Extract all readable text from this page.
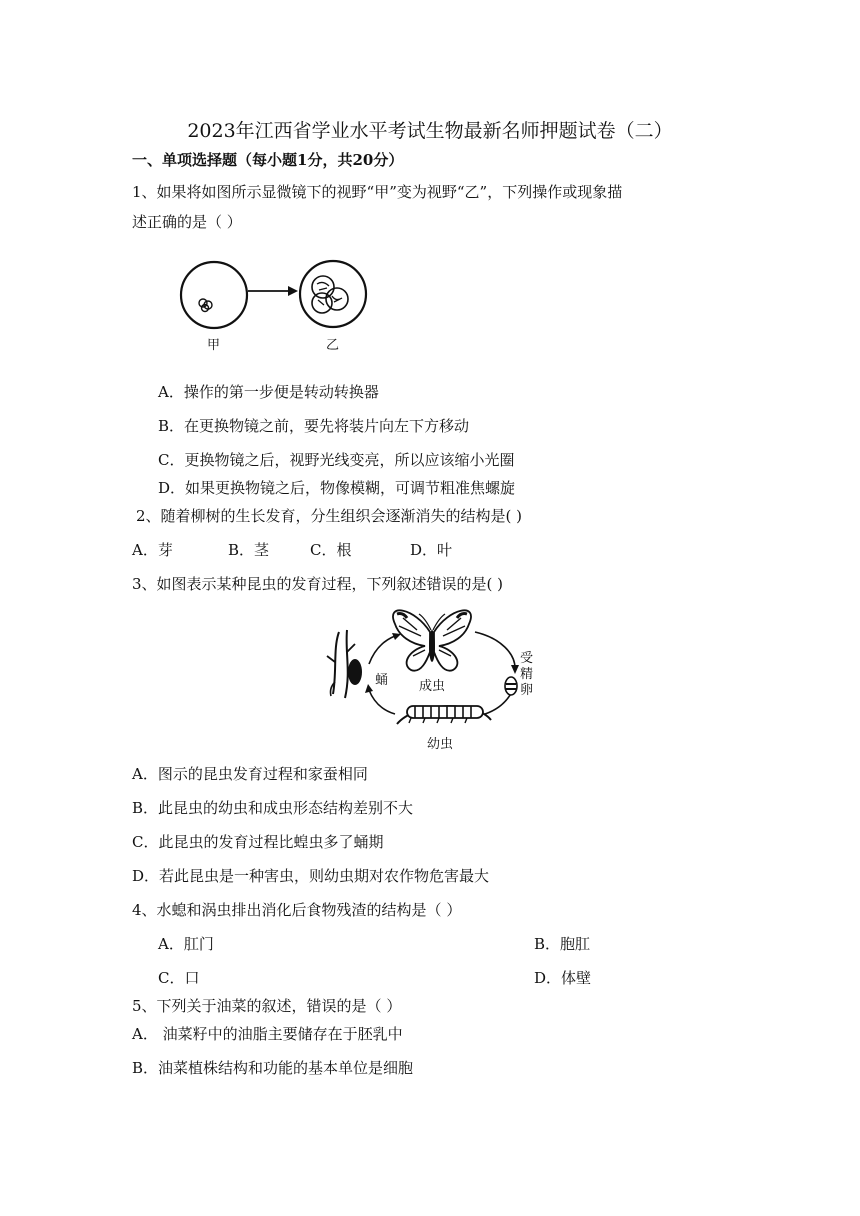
2023年江西省学业水平考试生物最新名师押题试卷（二）
一、单项选择题（每小题1分，共20分）
1、如果将如图所示显微镜下的视野“甲”变为视野“乙”，下列操作或现象描
述正确的是（ ）
甲	乙
A．操作的第一步便是转动转换器
B．在更换物镜之前，要先将装片向左下方移动
C．更换物镜之后，视野光线变亮，所以应该缩小光圈
D．如果更换物镜之后，物像模糊，可调节粗准焦螺旋
2、随着柳树的生长发育，分生组织会逐渐消失的结构是( )
A．芽	B．茎	C．根	D．叶
3、如图表示某种昆虫的发育过程，下列叙述错误的是( )
蛹 成虫
幼虫
受
精
卵
A．图示的昆虫发育过程和家蚕相同
B．此昆虫的幼虫和成虫形态结构差别不大
C．此昆虫的发育过程比蝗虫多了蛹期
D．若此昆虫是一种害虫，则幼虫期对农作物危害最大
4、水螅和涡虫排出消化后食物残渣的结构是（ ）
A．肛门	B．胞肛
C．口	D．体壁
5、下列关于油菜的叙述，错误的是（ ）
A． 油菜籽中的油脂主要储存在于胚乳中
B．油菜植株结构和功能的基本单位是细胞
